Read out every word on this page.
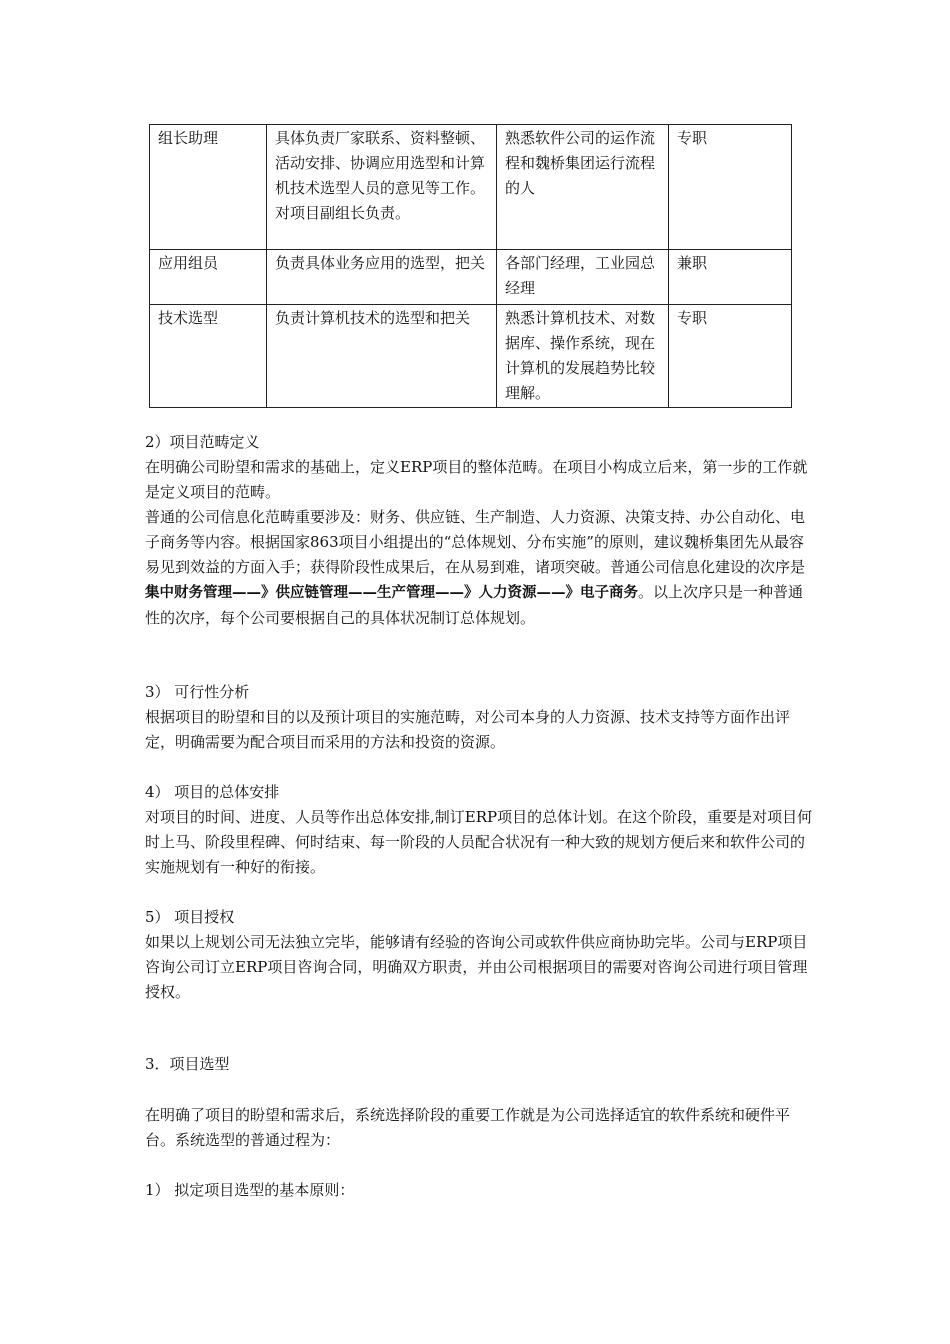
组长助理	具体负责厂家联系、资料整顿、活动安排、协调应用选型和计算机技术选型人员的意见等工作。对项目副组长负责。	熟悉软件公司的运作流程和魏桥集团运行流程的人	专职
应用组员	负责具体业务应用的选型，把关	各部门经理，工业园总经理	兼职
技术选型	负责计算机技术的选型和把关	熟悉计算机技术、对数据库、操作系统，现在计算机的发展趋势比较理解。	专职

2）项目范畴定义

在明确公司盼望和需求的基础上，定义ERP项目的整体范畴。在项目小构成立后来，第一步的工作就是定义项目的范畴。

普通的公司信息化范畴重要涉及：财务、供应链、生产制造、人力资源、决策支持、办公自动化、电子商务等内容。根据国家863项目小组提出的“总体规划、分布实施”的原则，建议魏桥集团先从最容易见到效益的方面入手；获得阶段性成果后，在从易到难，诸项突破。普通公司信息化建设的次序是集中财务管理——》供应链管理——生产管理——》人力资源——》电子商务。以上次序只是一种普通性的次序，每个公司要根据自己的具体状况制订总体规划。

3） 可行性分析

根据项目的盼望和目的以及预计项目的实施范畴，对公司本身的人力资源、技术支持等方面作出评定，明确需要为配合项目而采用的方法和投资的资源。

4） 项目的总体安排

对项目的时间、进度、人员等作出总体安排,制订ERP项目的总体计划。在这个阶段，重要是对项目何时上马、阶段里程碑、何时结束、每一阶段的人员配合状况有一种大致的规划方便后来和软件公司的实施规划有一种好的衔接。

5） 项目授权

如果以上规划公司无法独立完毕，能够请有经验的咨询公司或软件供应商协助完毕。公司与ERP项目咨询公司订立ERP项目咨询合同，明确双方职责，并由公司根据项目的需要对咨询公司进行项目管理授权。

3．项目选型

在明确了项目的盼望和需求后，系统选择阶段的重要工作就是为公司选择适宜的软件系统和硬件平台。系统选型的普通过程为：

1） 拟定项目选型的基本原则：
